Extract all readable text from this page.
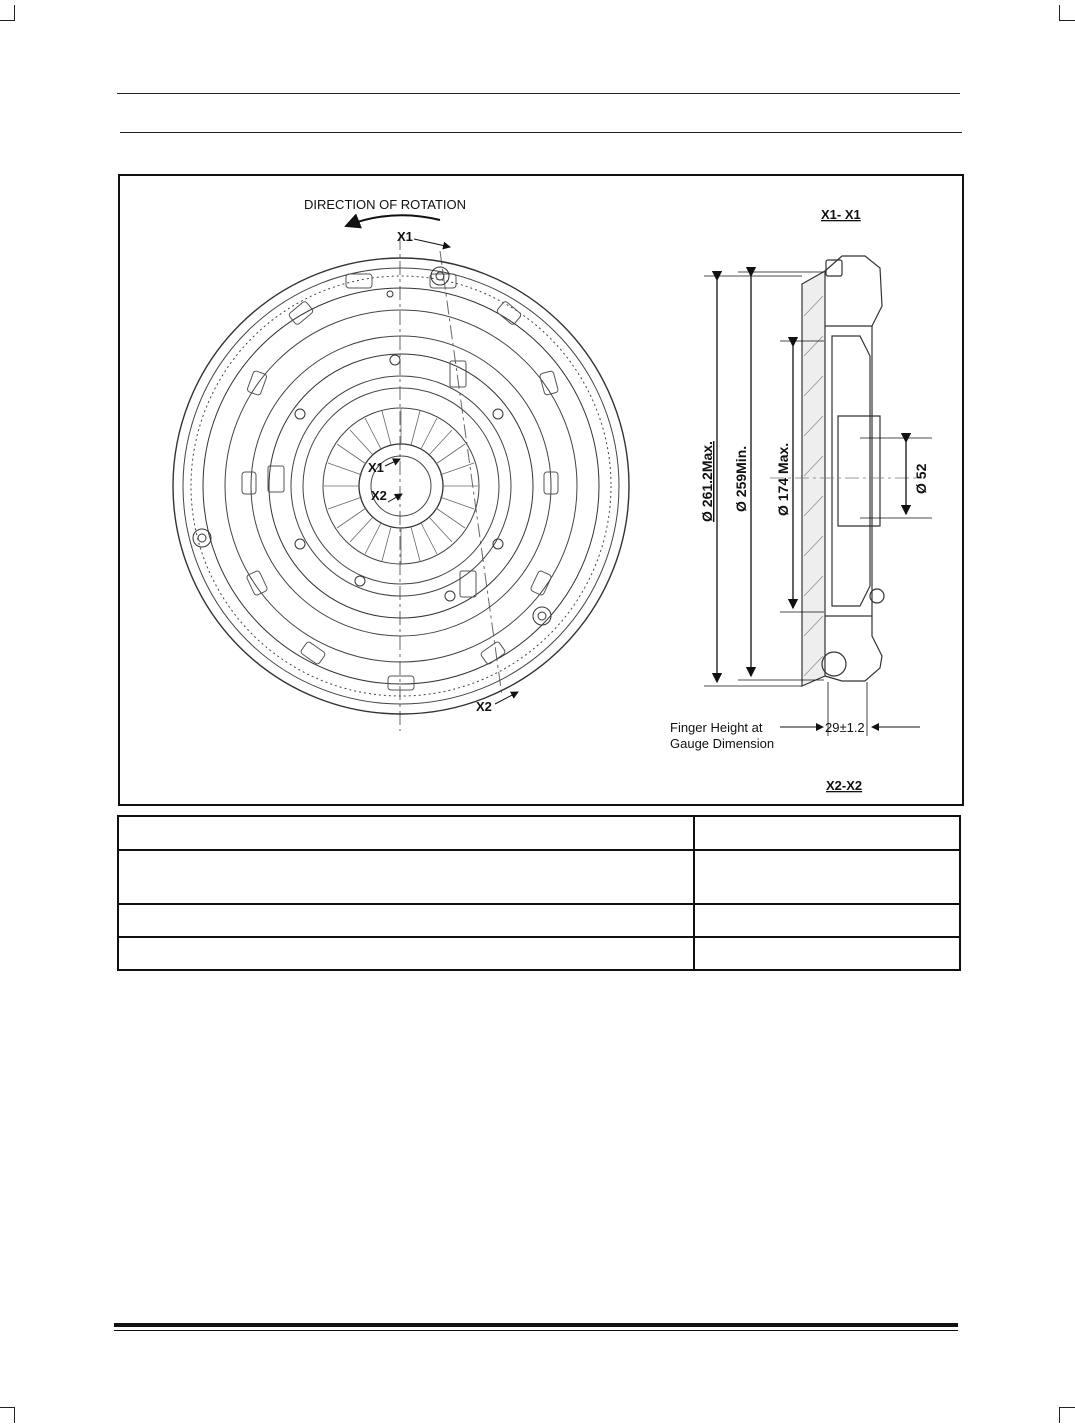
DIRECTION OF ROTATION
X1
X1
X2
X2
X1- X1
X2-X2
Ø 261.2Max. Ø 259Min. Ø 174 Max.	Ø 52
29±1.2
Finger Height at
Gauge Dimension
